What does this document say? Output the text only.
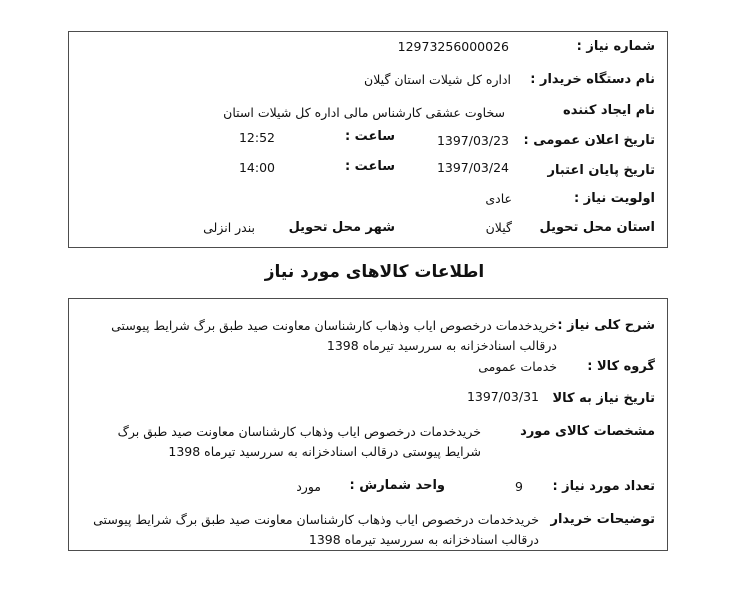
شماره نیاز :
12973256000026
نام دستگاه خریدار :
اداره کل شیلات استان گیلان
نام ایجاد کننده
سخاوت عشقی کارشناس مالی اداره کل شیلات استان
تاریخ اعلان عمومی :
1397/03/23
ساعت :
12:52
تاریخ پایان اعتبار
1397/03/24
ساعت :
14:00
اولویت نیاز :
عادی
استان محل تحویل
گیلان
شهر محل تحویل
بندر انزلی
اطلاعات کالاهای مورد نیاز
شرح کلی نیاز :
خریدخدمات درخصوص ایاب وذهاب کارشناسان معاونت صید طبق برگ شرایط پیوستی درقالب اسنادخزانه به سررسید تیرماه 1398
گروه کالا :
خدمات عمومی
تاریخ نیاز به کالا
1397/03/31
مشخصات کالای مورد
خریدخدمات درخصوص ایاب وذهاب کارشناسان معاونت صید طبق برگ شرایط پیوستی درقالب اسنادخزانه به سررسید تیرماه 1398
تعداد مورد نیاز :
9
واحد شمارش :
مورد
توضیحات خریدار
خریدخدمات درخصوص ایاب وذهاب کارشناسان معاونت صید طبق برگ شرایط پیوستی درقالب اسنادخزانه به سررسید تیرماه 1398
